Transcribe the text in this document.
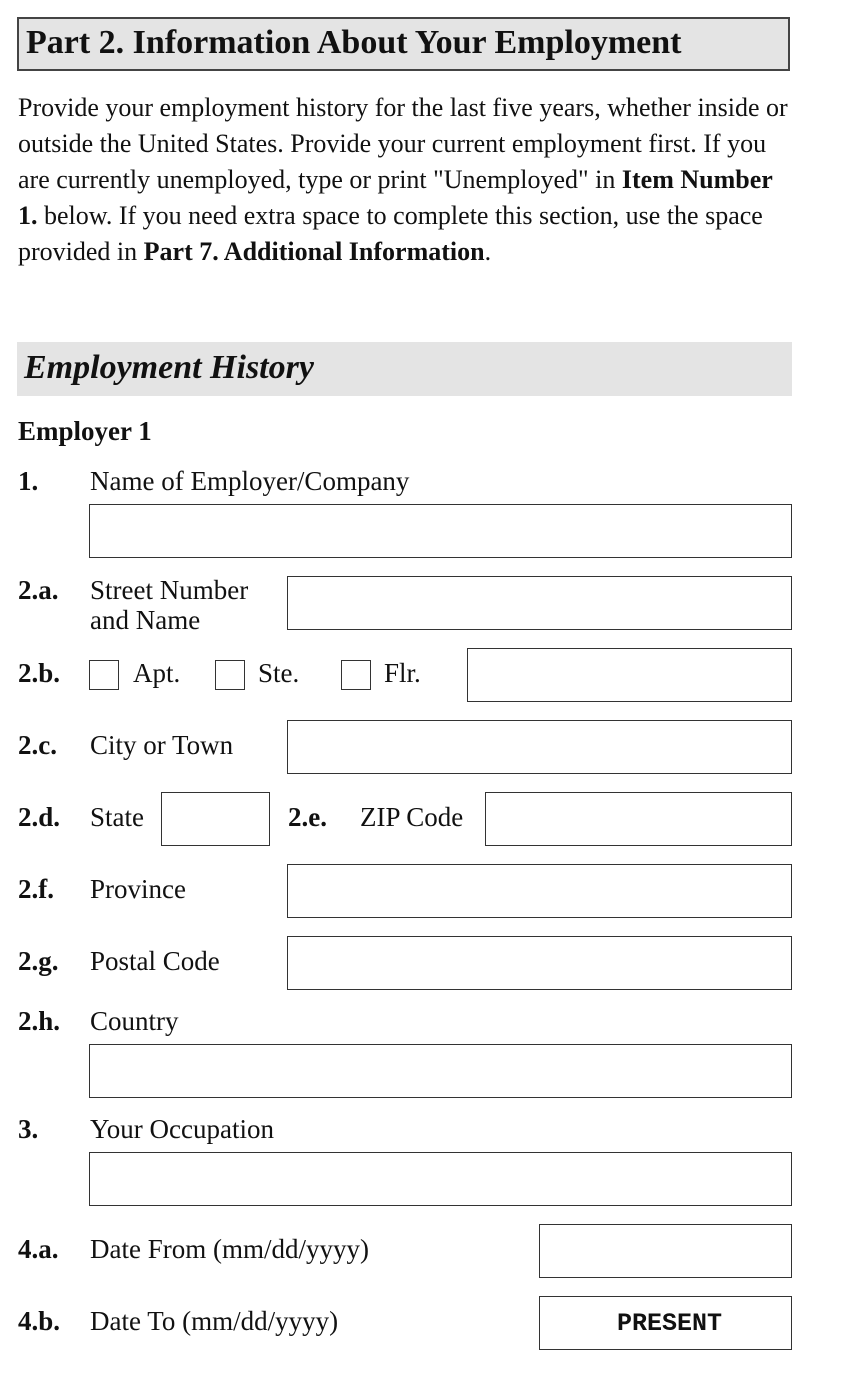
Part 2. Information About Your Employment
Provide your employment history for the last five years, whether inside or outside the United States. Provide your current employment first. If you are currently unemployed, type or print "Unemployed" in Item Number 1. below. If you need extra space to complete this section, use the space provided in Part 7. Additional Information.
Employment History
Employer 1
1. Name of Employer/Company
2.a. Street Number
and Name
2.b.	Apt.	Ste.	Flr.
2.c. City or Town
2.d. State	2.e. ZIP Code
2.f. Province
2.g. Postal Code
2.h. Country
3. Your Occupation
4.a. Date From (mm/dd/yyyy)
4.b. Date To (mm/dd/yyyy)	PRESENT
